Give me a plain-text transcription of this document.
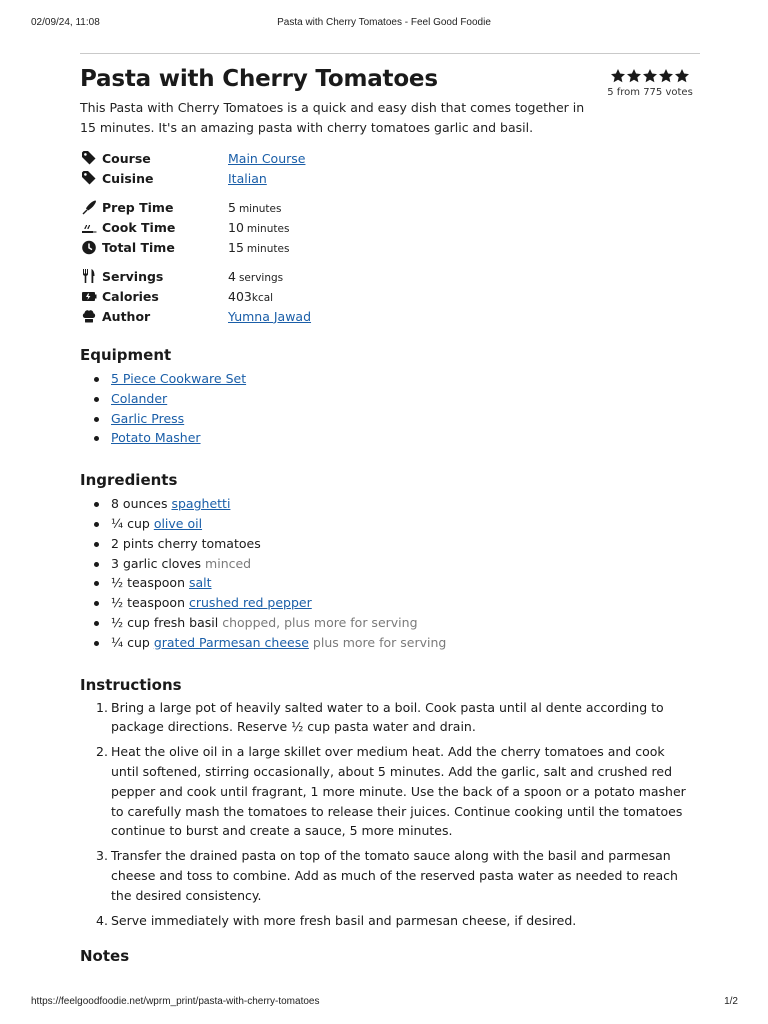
02/09/24, 11:08	Pasta with Cherry Tomatoes - Feel Good Foodie
5 from 775 votes
Pasta with Cherry Tomatoes

This Pasta with Cherry Tomatoes is a quick and easy dish that comes together in 15 minutes. It's an amazing pasta with cherry tomatoes garlic and basil.

Course	Main Course
Cuisine	Italian
Prep Time	5 minutes
Cook Time	10 minutes
Total Time	15 minutes
Servings	4 servings
Calories	403kcal
Author	Yumna Jawad
Equipment
5 Piece Cookware Set
Colander
Garlic Press
Potato Masher
Ingredients
8 ounces spaghetti
¼ cup olive oil
2 pints cherry tomatoes
3 garlic cloves minced
½ teaspoon salt
½ teaspoon crushed red pepper
½ cup fresh basil chopped, plus more for serving
¼ cup grated Parmesan cheese plus more for serving
Instructions
1. Bring a large pot of heavily salted water to a boil. Cook pasta until al dente according to package directions. Reserve ½ cup pasta water and drain.
2. Heat the olive oil in a large skillet over medium heat. Add the cherry tomatoes and cook until softened, stirring occasionally, about 5 minutes. Add the garlic, salt and crushed red pepper and cook until fragrant, 1 more minute. Use the back of a spoon or a potato masher to carefully mash the tomatoes to release their juices. Continue cooking until the tomatoes continue to burst and create a sauce, 5 more minutes.
3. Transfer the drained pasta on top of the tomato sauce along with the basil and parmesan cheese and toss to combine. Add as much of the reserved pasta water as needed to reach the desired consistency.
4. Serve immediately with more fresh basil and parmesan cheese, if desired.
Notes
https://feelgoodfoodie.net/wprm_print/pasta-with-cherry-tomatoes	1/2
